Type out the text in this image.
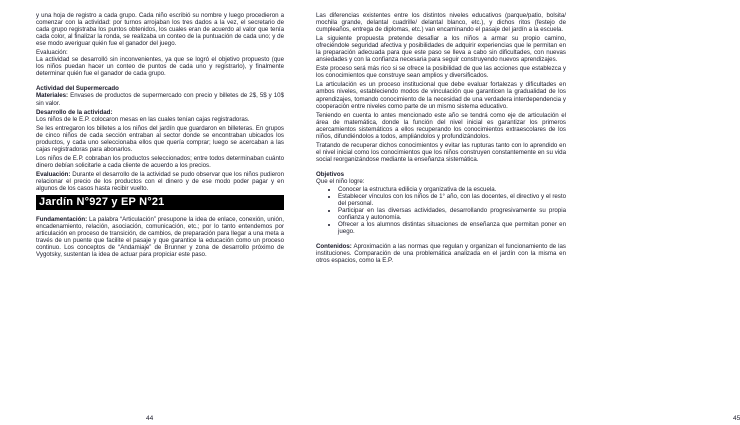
y una hoja de registro a cada grupo. Cada niño escribió su nombre y luego procedieron a comenzar con la actividad: por turnos arrojaban los tres dados a la vez, el secretario de cada grupo registraba los puntos obtenidos, los cuales eran de acuerdo al valor que tenía cada color, al finalizar la ronda, se realizaba un conteo de la puntuación de cada uno; y de ese modo averiguar quién fue el ganador del juego.

Evaluación:

La actividad se desarrolló sin inconvenientes, ya que se logró el objetivo propuesto (que los niños puedan hacer un conteo de puntos de cada uno y registrarlo), y finalmente determinar quién fue el ganador de cada grupo.

Actividad del Supermercado

Materiales: Envases de productos de supermercado con precio y billetes de 2$, 5$ y 10$ sin valor.

Desarrollo de la actividad:

Los niños de le E.P. colocaron mesas en las cuales tenían cajas registradoras.

Se les entregaron los billetes a los niños del jardín que guardaron en billeteras. En grupos de cinco niños de cada sección entraban al sector donde se encontraban ubicados los productos, y cada uno seleccionaba ellos que quería comprar; luego se acercaban a las cajas registradoras para abonarlos.

Los niños de E.P. cobraban los productos seleccionados; entre todos determinaban cuánto dinero debían solicitarle a cada cliente de acuerdo a los precios.

Evaluación: Durante el desarrollo de la actividad se pudo observar que los niños pudieron relacionar el precio de los productos con el dinero y de ese modo poder pagar y en algunos de los casos hasta recibir vuelto.

Jardín N°927 y EP N°21

Fundamentación: La palabra “Articulación” presupone la idea de enlace, conexión, unión, encadenamiento, relación, asociación, comunicación, etc.; por lo tanto entendemos por articulación en proceso de transición, de cambios, de preparación para llegar a una meta a través de un puente que facilite el pasaje y que garantice la educación como un proceso continuo. Los conceptos de “Andamiaje” de Brunner y zona de desarrollo próximo de Vygotsky, sustentan la idea de actuar para propiciar este paso.

44

Las diferencias existentes entre los distintos niveles educativos (parque/patio, bolsita/ mochila grande, delantal cuadrille/ delantal blanco, etc.), y dichos ritos (festejo de cumpleaños, entrega de diplomas, etc.) van encaminando el pasaje del jardín a la escuela.

La siguiente propuesta pretende desafiar a los niños a armar su propio camino, ofreciéndole seguridad afectiva y posibilidades de adquirir experiencias que le permitan en la preparación adecuada para que este paso se lleva a cabo sin dificultades, con nuevas ansiedades y con la confianza necesaria para seguir construyendo nuevos aprendizajes.

Este proceso será más rico si se ofrece la posibilidad de que las acciones que establezca y los conocimientos que construye sean amplios y diversificados.

La articulación es un proceso institucional que debe evaluar fortalezas y dificultades en ambos niveles, estableciendo modos de vinculación que garanticen la gradualidad de los aprendizajes, tomando conocimiento de la necesidad de una verdadera interdependencia y cooperación entre niveles como parte de un mismo sistema educativo.

Teniendo en cuenta lo antes mencionado este año se tendrá como eje de articulación el área de matemática, donde la función del nivel inicial es garantizar los primeros acercamientos sistemáticos a ellos recuperando los conocimientos extraescolares de los niños, difundiéndolos a todos, ampliándolos y profundizándolos.

Tratando de recuperar dichos conocimientos y evitar las rupturas tanto con lo aprendido en el nivel inicial como los conocimientos que los niños construyen constantemente en su vida social reorganizándose mediante la enseñanza sistemática.

Objetivos
Que el niño logre:
• Conocer la estructura edilicia y organizativa de la escuela.
• Establecer vínculos con los niños de 1° año, con las docentes, el directivo y el resto del personal.
• Participar en las diversas actividades, desarrollando progresivamente su propia confianza y autonomía.
• Ofrecer a los alumnos distintas situaciones de enseñanza que permitan poner en juego.

Contenidos: Aproximación a las normas que regulan y organizan el funcionamiento de las instituciones. Comparación de una problemática analizada en el jardín con la misma en otros espacios, como la E.P.

45
